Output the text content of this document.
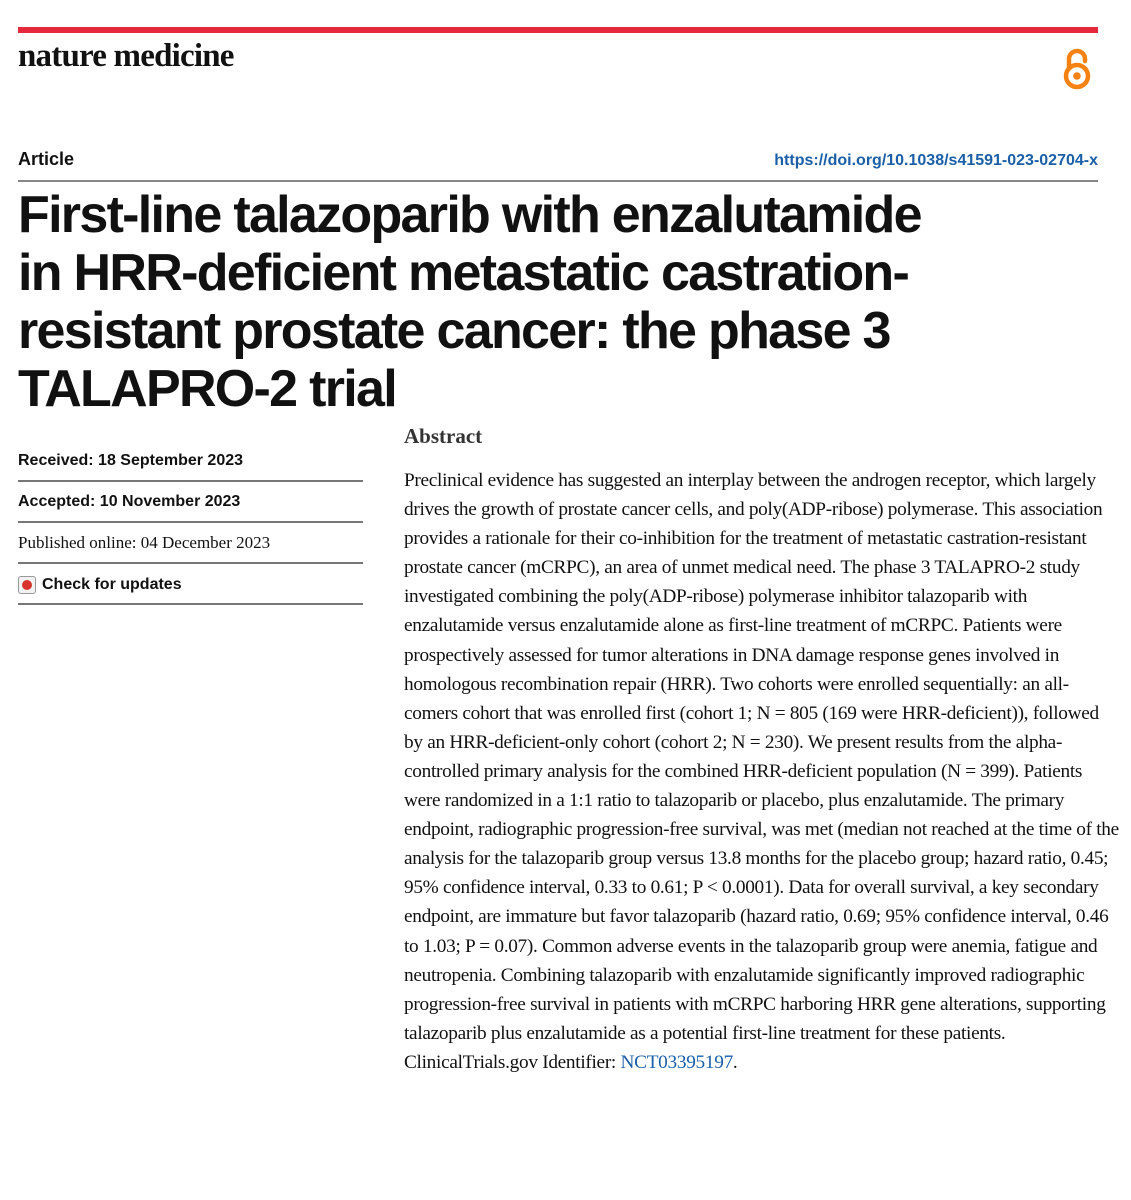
nature medicine
Article	https://doi.org/10.1038/s41591-023-02704-x
First-line talazoparib with enzalutamide
in HRR-deficient metastatic castration-
resistant prostate cancer: the phase 3
TALAPRO-2 trial
Received: 18 September 2023
Accepted: 10 November 2023
Published online: 04 December 2023
Check for updates
Abstract

Preclinical evidence has suggested an interplay between the androgen receptor, which largely drives the growth of prostate cancer cells, and poly(ADP-ribose) polymerase. This association provides a rationale for their co-inhibition for the treatment of metastatic castration-resistant prostate cancer (mCRPC), an area of unmet medical need. The phase 3 TALAPRO-2 study investigated combining the poly(ADP-ribose) polymerase inhibitor talazoparib with enzalutamide versus enzalutamide alone as first-line treatment of mCRPC. Patients were prospectively assessed for tumor alterations in DNA damage response genes involved in homologous recombination repair (HRR). Two cohorts were enrolled sequentially: an all-comers cohort that was enrolled first (cohort 1; N = 805 (169 were HRR-deficient)), followed by an HRR-deficient-only cohort (cohort 2; N = 230). We present results from the alpha-controlled primary analysis for the combined HRR-deficient population (N = 399). Patients were randomized in a 1:1 ratio to talazoparib or placebo, plus enzalutamide. The primary endpoint, radiographic progression-free survival, was met (median not reached at the time of the analysis for the talazoparib group versus 13.8 months for the placebo group; hazard ratio, 0.45; 95% confidence interval, 0.33 to 0.61; P < 0.0001). Data for overall survival, a key secondary endpoint, are immature but favor talazoparib (hazard ratio, 0.69; 95% confidence interval, 0.46 to 1.03; P = 0.07). Common adverse events in the talazoparib group were anemia, fatigue and neutropenia. Combining talazoparib with enzalutamide significantly improved radiographic progression-free survival in patients with mCRPC harboring HRR gene alterations, supporting talazoparib plus enzalutamide as a potential first-line treatment for these patients. ClinicalTrials.gov Identifier: NCT03395197.
